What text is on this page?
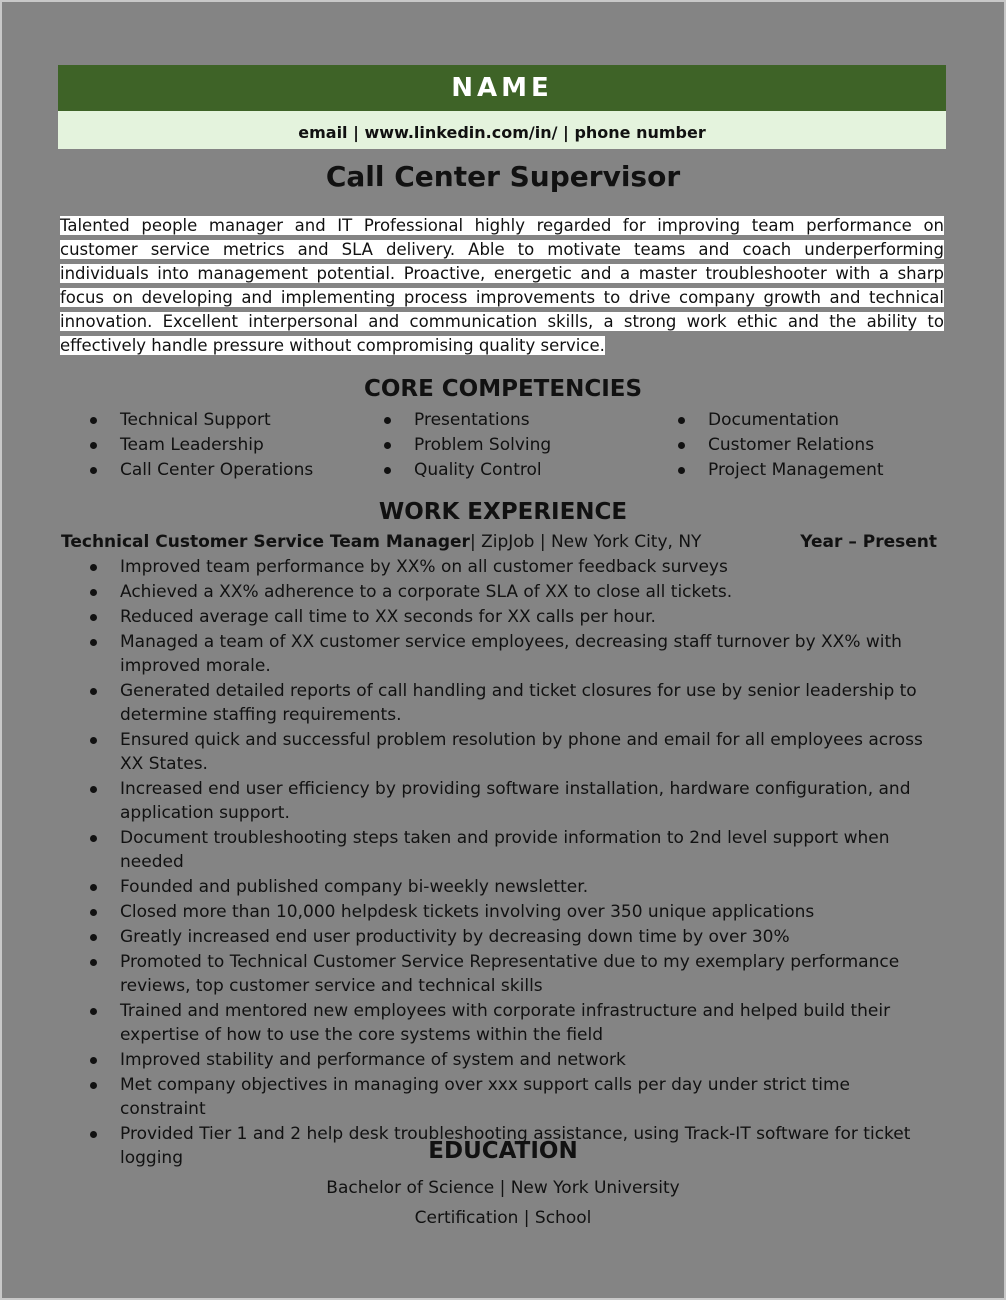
NAME
email | www.linkedin.com/in/ | phone number
Call Center Supervisor
Talented people manager and IT Professional highly regarded for improving team performance on customer service metrics and SLA delivery. Able to motivate teams and coach underperforming individuals into management potential. Proactive, energetic and a master troubleshooter with a sharp focus on developing and implementing process improvements to drive company growth and technical innovation. Excellent interpersonal and communication skills, a strong work ethic and the ability to effectively handle pressure without compromising quality service.
CORE COMPETENCIES
Technical Support	Presentations	Documentation
Team Leadership	Problem Solving	Customer Relations
Call Center Operations	Quality Control	Project Management
WORK EXPERIENCE
Technical Customer Service Team Manager| ZipJob | New York City, NY	Year – Present
Improved team performance by XX% on all customer feedback surveys
Achieved a XX% adherence to a corporate SLA of XX to close all tickets.
Reduced average call time to XX seconds for XX calls per hour.
Managed a team of XX customer service employees, decreasing staff turnover by XX% with improved morale.
Generated detailed reports of call handling and ticket closures for use by senior leadership to determine staffing requirements.
Ensured quick and successful problem resolution by phone and email for all employees across XX States.
Increased end user efficiency by providing software installation, hardware configuration, and application support.
Document troubleshooting steps taken and provide information to 2nd level support when needed
Founded and published company bi-weekly newsletter.
Closed more than 10,000 helpdesk tickets involving over 350 unique applications
Greatly increased end user productivity by decreasing down time by over 30%
Promoted to Technical Customer Service Representative due to my exemplary performance reviews, top customer service and technical skills
Trained and mentored new employees with corporate infrastructure and helped build their expertise of how to use the core systems within the field
Improved stability and performance of system and network
Met company objectives in managing over xxx support calls per day under strict time constraint
Provided Tier 1 and 2 help desk troubleshooting assistance, using Track-IT software for ticket logging	EDUCATION
Bachelor of Science | New York University
Certification | School
